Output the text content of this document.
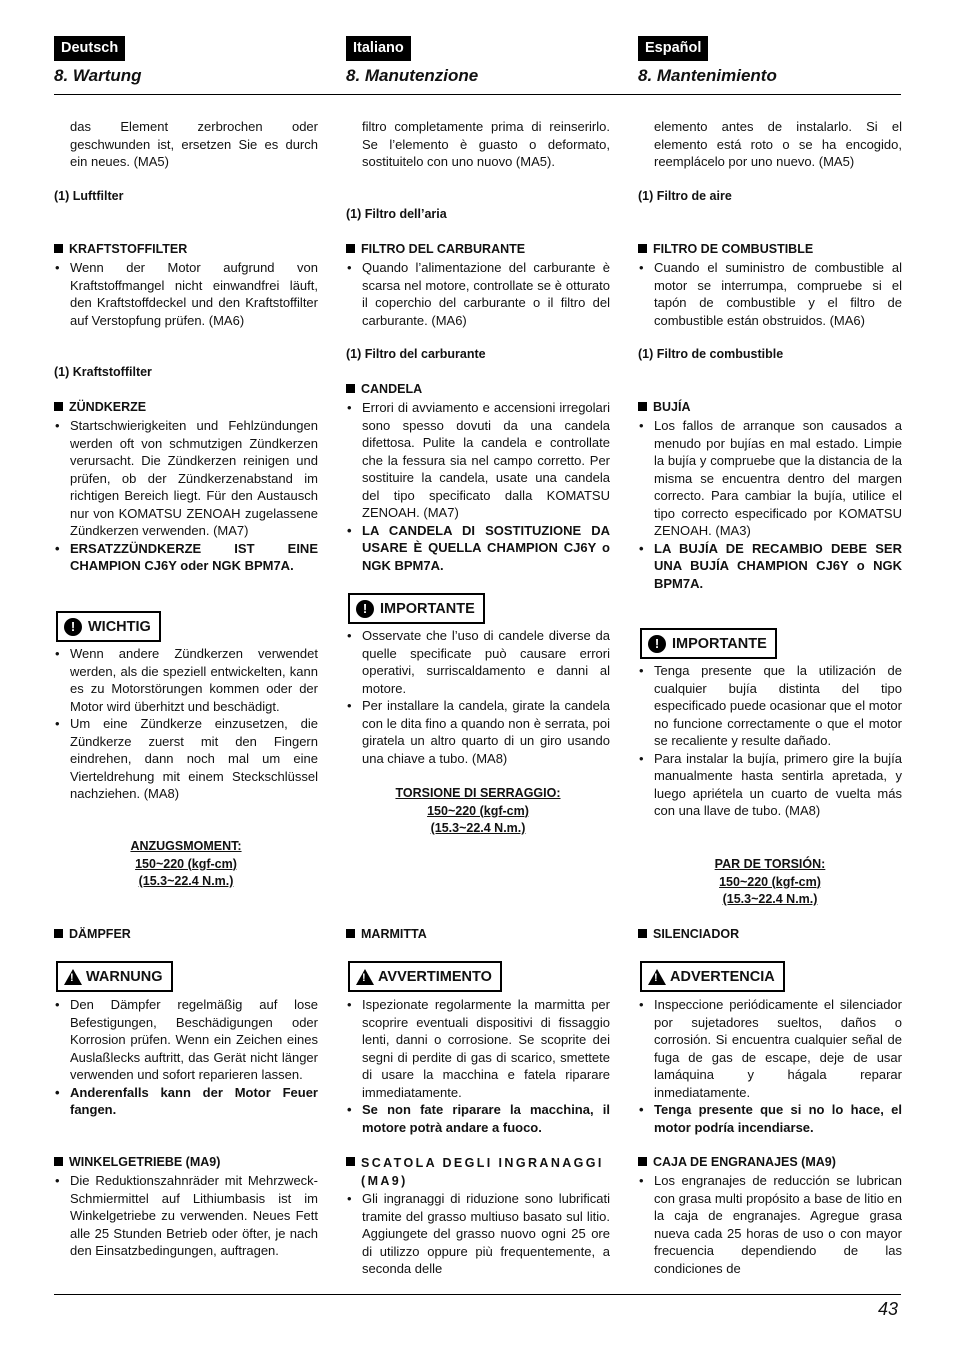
Deutsch
8. Wartung
Italiano
8. Manutenzione
Español
8. Mantenimiento
das Element zerbrochen oder geschwunden ist, ersetzen Sie es durch ein neues. (MA5)
(1) Luftfilter
KRAFTSTOFFILTER
• Wenn der Motor aufgrund von Kraftstoffmangel nicht einwandfrei läuft, den Kraftstoffdeckel und den Kraftstoffilter auf Verstopfung prüfen. (MA6)
(1) Kraftstoffilter
ZÜNDKERZE
• Startschwierigkeiten und Fehlzündungen werden oft von schmutzigen Zündkerzen verursacht. Die Zündkerzen reinigen und prüfen, ob der Zündkerzenabstand im richtigen Bereich liegt. Für den Austausch nur von KOMATSU ZENOAH zugelassene Zündkerzen verwenden. (MA7)
• ERSATZZÜNDKERZE IST EINE CHAMPION CJ6Y oder NGK BPM7A.
! WICHTIG
• Wenn andere Zündkerzen verwendet werden, als die speziell entwickelten, kann es zu Motorstörungen kommen oder der Motor wird überhitzt und beschädigt.
• Um eine Zündkerze einzusetzen, die Zündkerze zuerst mit den Fingern eindrehen, dann noch mal um eine Vierteldrehung mit einem Steckschlüssel nachziehen. (MA8)
ANZUGSMOMENT:
150~220 (kgf-cm)
(15.3~22.4 N.m.)
DÄMPFER
! WARNUNG
• Den Dämpfer regelmäßig auf lose Befestigungen, Beschädigungen oder Korrosion prüfen. Wenn ein Zeichen eines Auslaßlecks auftritt, das Gerät nicht länger verwenden und sofort reparieren lassen.
• Anderenfalls kann der Motor Feuer fangen.
WINKELGETRIEBE (MA9)
• Die Reduktionszahnräder mit Mehrzweck-Schmiermittel auf Lithiumbasis ist im Winkelgetriebe zu verwenden. Neues Fett alle 25 Stunden Betrieb oder öfter, je nach den Einsatzbedingungen, auftragen.
filtro completamente prima di reinserirlo. Se l’elemento è guasto o deformato, sostituitelo con uno nuovo (MA5).
(1) Filtro dell’aria
FILTRO DEL CARBURANTE
• Quando l’alimentazione del carburante è scarsa nel motore, controllate se è otturato il coperchio del carburante o il filtro del carburante. (MA6)
(1) Filtro del carburante
CANDELA
• Errori di avviamento e accensioni irregolari sono spesso dovuti da una candela difettosa. Pulite la candela e controllate che la fessura sia nel campo corretto. Per sostituire la candela, usate una candela del tipo specificato dalla KOMATSU ZENOAH. (MA7)
• LA CANDELA DI SOSTITUZIONE DA USARE È QUELLA CHAMPION CJ6Y o NGK BPM7A.
! IMPORTANTE
• Osservate che l’uso di candele diverse da quelle specificate può causare errori operativi, surriscaldamento e danni al motore.
• Per installare la candela, girate la candela con le dita fino a quando non è serrata, poi giratela un altro quarto di un giro usando una chiave a tubo. (MA8)
TORSIONE DI SERRAGGIO:
150~220 (kgf-cm)
(15.3~22.4 N.m.)
MARMITTA
! AVVERTIMENTO
• Ispezionate regolarmente la marmitta per scoprire eventuali dispositivi di fissaggio lenti, danni o corrosione. Se scoprite dei segni di perdite di gas di scarico, smettete di usare la macchina e fatela riparare immediatamente.
• Se non fate riparare la macchina, il motore potrà andare a fuoco.
SCATOLA DEGLI INGRANAGGI (MA9)
• Gli ingranaggi di riduzione sono lubrificati tramite del grasso multiuso basato sul litio. Aggiungete del grasso nuovo ogni 25 ore di utilizzo oppure più frequentemente, a seconda delle
elemento antes de instalarlo. Si el elemento está roto o se ha encogido, reemplácelo por uno nuevo. (MA5)
(1) Filtro de aire
FILTRO DE COMBUSTIBLE
• Cuando el suministro de combustible al motor se interrumpa, compruebe si el tapón de combustible y el filtro de combustible están obstruidos. (MA6)
(1) Filtro de combustible
BUJÍA
• Los fallos de arranque son causados a menudo por bujías en mal estado. Limpie la bujía y compruebe que la distancia de la misma se encuentra dentro del margen correcto. Para cambiar la bujía, utilice el tipo correcto especificado por KOMATSU ZENOAH. (MA3)
• LA BUJÍA DE RECAMBIO DEBE SER UNA BUJÍA CHAMPION CJ6Y o NGK BPM7A.
! IMPORTANTE
• Tenga presente que la utilización de cualquier bujía distinta del tipo especificado puede ocasionar que el motor no funcione correctamente o que el motor se recaliente y resulte dañado.
• Para instalar la bujía, primero gire la bujía manualmente hasta sentirla apretada, y luego apriétela un cuarto de vuelta más con una llave de tubo. (MA8)
PAR DE TORSIÓN:
150~220 (kgf-cm)
(15.3~22.4 N.m.)
SILENCIADOR
! ADVERTENCIA
• Inspeccione periódicamente el silenciador por sujetadores sueltos, daños o corrosión. Si encuentra cualquier señal de fuga de gas de escape, deje de usar lamáquina y hágala reparar inmediatamente.
• Tenga presente que si no lo hace, el motor podría incendiarse.
CAJA DE ENGRANAJES (MA9)
• Los engranajes de reducción se lubrican con grasa multi propósito a base de litio en la caja de engranajes. Agregue grasa nueva cada 25 horas de uso o con mayor frecuencia dependiendo de las condiciones de
43
